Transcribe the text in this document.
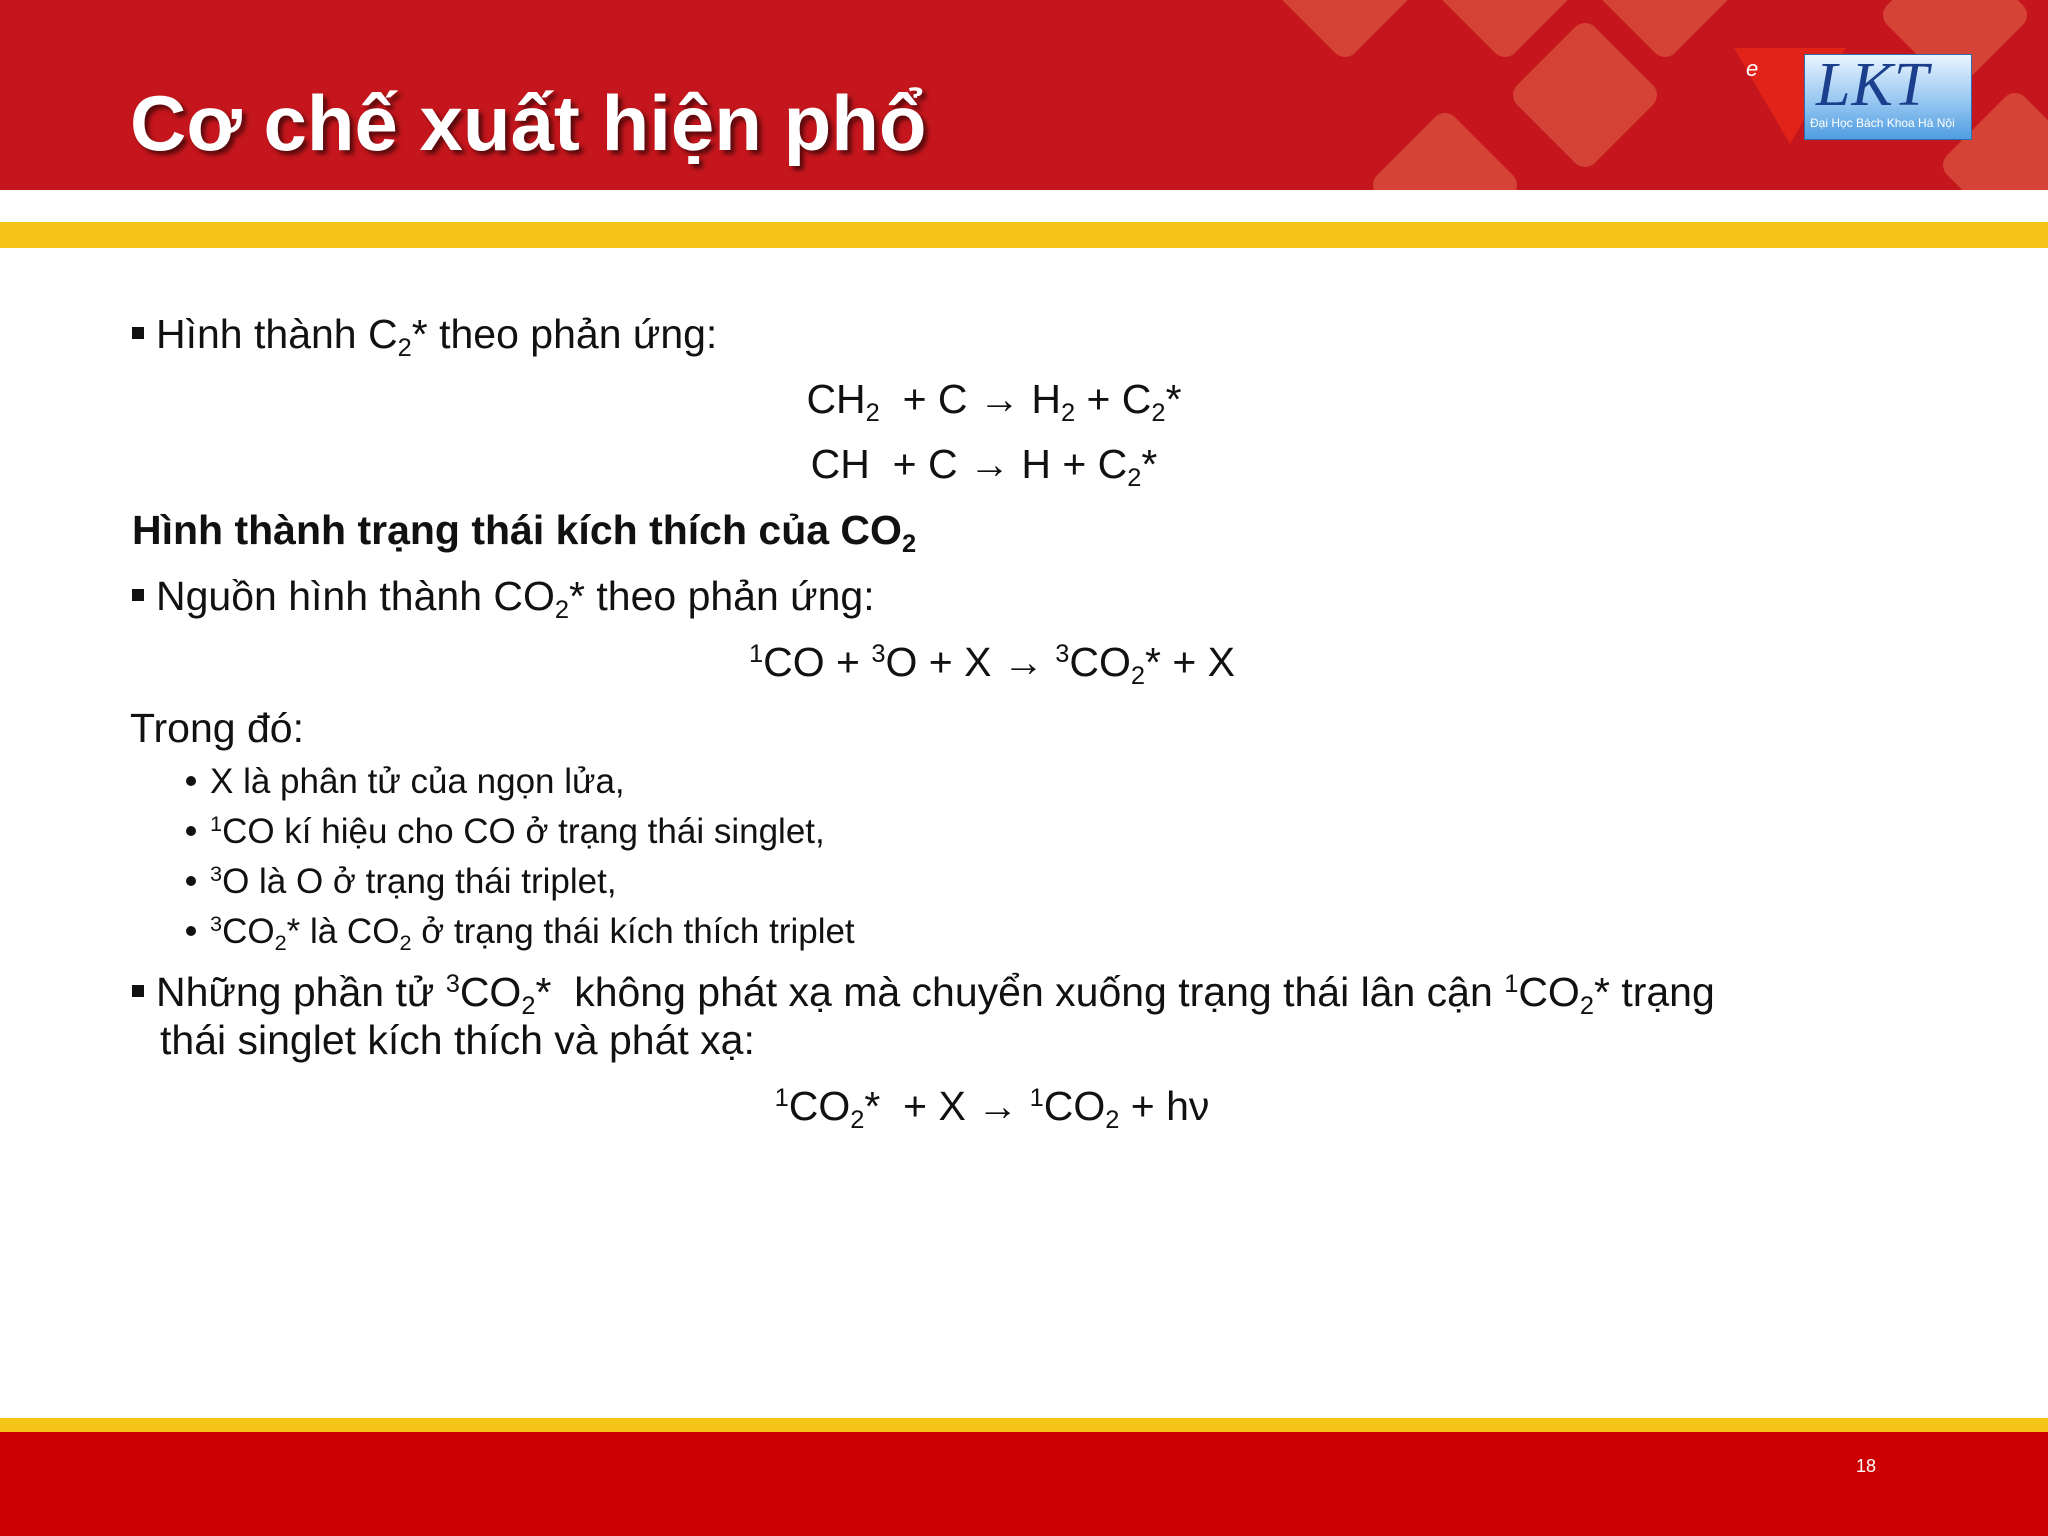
Cơ chế xuất hiện phổ
e LKT
Đại Học Bách Khoa Hà Nội
Hình thành $C_2*$ theo phản ứng:
$CH_2 + C \to H_2 + C_2*$
CH  + $C \to H + C_2*$
Hình thành trạng thái kích thích của $CO_2$
Nguồn hình thành $CO_2*$ theo phản ứng:
$^1CO + ^3O + X \to ^3CO_2* + X$
Trong đó:
X là phân tử của ngọn lửa,
$^1$CO kí hiệu cho CO ở trạng thái singlet,
$^3$O là O ở trạng thái triplet,
$^3CO_2*$ là $CO_2$ ở trạng thái kích thích triplet
Những phần tử $^3CO_2*$  không phát xạ mà chuyển xuống trạng thái lân cận $^1CO_2*$ trạng
thái singlet kích thích và phát xạ:
$^1CO_2* + X \to ^1CO_2 + h\nu$
18
